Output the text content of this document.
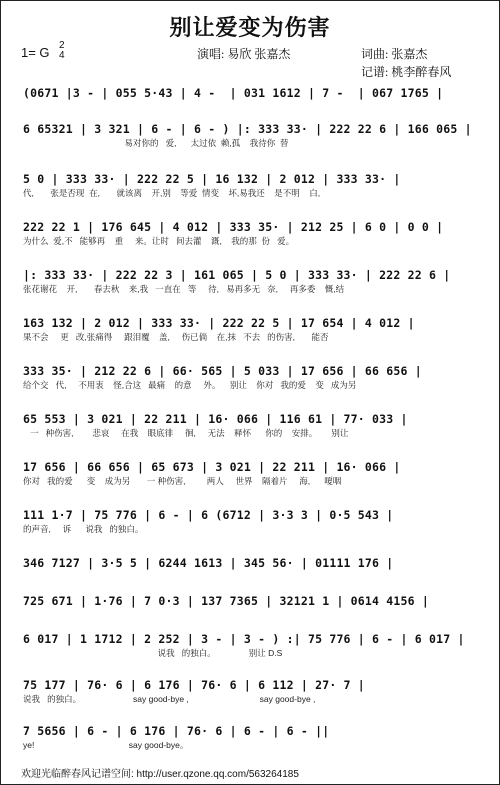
别让爱变为伤害
1= G 2
4	演唱: 易欣 张嘉杰	词曲: 张嘉杰
记谱: 桃李醉春风
(0671 |3 - | 055 5·43 | 4 -  | 031 1612 | 7 -  | 067 1765 |
6 65321 | 3 321 | 6 - | 6 - ) |: 333 33· | 222 22 6 | 166 065 |
易对你的   爱,      太过依  赖,孤    我待你  替
5 0 | 333 33· | 222 22 5 | 16 132 | 2 012 | 333 33· |
代,       张是否现  在,       就该离    开,别    等爱  情变    坏,易我还    是不明    白,
222 22 1 | 176 645 | 4 012 | 333 35· | 212 25 | 6 0 | 0 0 |
为什么  爱,不   能够再    重     来。让时   间去灌    溉,    我的那  份   爱。
|: 333 33· | 222 22 3 | 161 065 | 5 0 | 333 33· | 222 22 6 |
张花谢花    开,       春去秋    来,我   一直在   等     待,   易再多无   奈,     再多委    慨,结
163 132 | 2 012 | 333 33· | 222 22 5 | 17 654 | 4 012 |
果不会     更   改,张痛得     跟泪覆    盖,     伤已倘    在,抹   不去   的伤害,       能否
333 35· | 212 22 6 | 66· 565 | 5 033 | 17 656 | 66 656 |
给个交   代,     不用衷    怪,合这   最痛    的意     外。    别让    你对   我的爱    变   成为另
65 553 | 3 021 | 22 211 | 16· 066 | 116 61 | 77· 033 |
一   种伤害,        悲哀     在我    眼底徘     徊,     无法    释怀      你的    安排。      别让
17 656 | 66 656 | 65 673 | 3 021 | 22 211 | 16· 066 |
你对   我的爱      变    成为另       一 种伤害,         两人     世界    隔着片     海,      嗄咽
111 1·7 | 75 776 | 6 - | 6 (6712 | 3·3 3 | 0·5 543 |
的声音,     诉      说我   的独白。
346 7127 | 3·5 5 | 6244 1613 | 345 56· | 01111 176 |
725 671 | 1·76 | 7 0·3 | 137 7365 | 32121 1 | 0614 4156 |
6 017 | 1 1712 | 2 252 | 3 - | 3 - ) :| 75 776 | 6 - | 6 017 |
说我   的独白。              别让 D.S
75 177 | 76· 6 | 6 176 | 76· 6 | 6 112 | 27· 7 |
说我   的独白。                      say good-bye ,                              say good-bye ,
7 5656 | 6 - | 6 176 | 76· 6 | 6 - | 6 - ||
ye!                                        say good-bye。
欢迎光临醉春风记谱空间: http://user.qzone.qq.com/563264185
